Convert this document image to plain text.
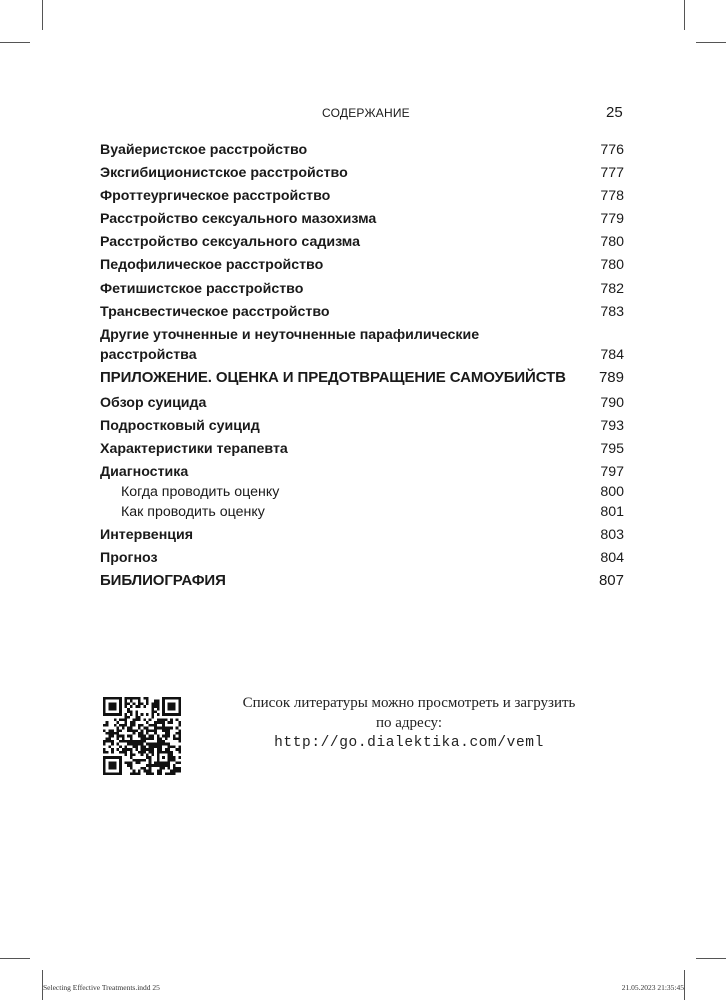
СОДЕРЖАНИЕ	25
Вуайеристское расстройство	776
Эксгибиционистское расстройство	777
Фроттеургическое расстройство	778
Расстройство сексуального мазохизма	779
Расстройство сексуального садизма	780
Педофилическое расстройство	780
Фетишистское расстройство	782
Трансвестическое расстройство	783
Другие уточненные и неуточненные парафилические расстройства	784
ПРИЛОЖЕНИЕ. ОЦЕНКА И ПРЕДОТВРАЩЕНИЕ САМОУБИЙСТВ 789
Обзор суицида	790
Подростковый суицид	793
Характеристики терапевта	795
Диагностика	797
Когда проводить оценку	800
Как проводить оценку	801
Интервенция	803
Прогноз	804
БИБЛИОГРАФИЯ	807
Список литературы можно просмотреть и загрузить
по адресу:
http://go.dialektika.com/veml
Selecting Effective Treatments.indd 25	21.05.2023 21:35:45
